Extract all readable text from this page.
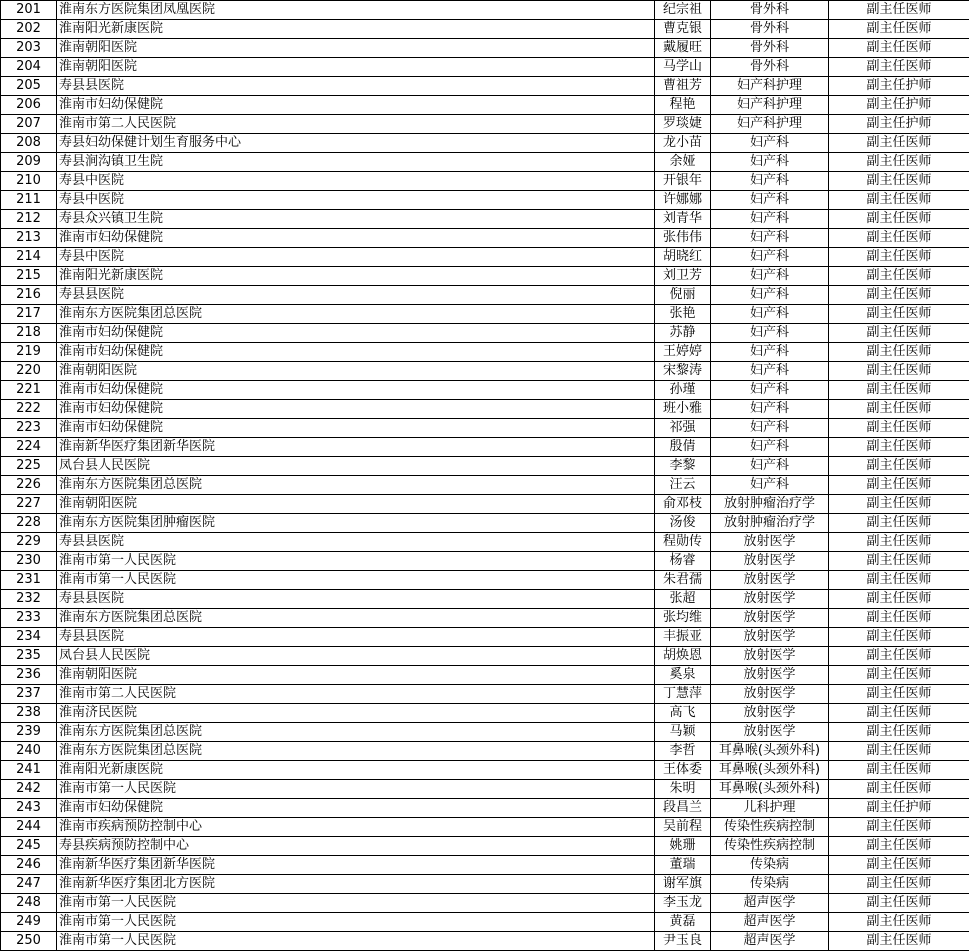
201	淮南东方医院集团凤凰医院	纪宗祖	骨外科	副主任医师
202	淮南阳光新康医院	曹克银	骨外科	副主任医师
203	淮南朝阳医院	戴履旺	骨外科	副主任医师
204	淮南朝阳医院	马学山	骨外科	副主任医师
205	寿县县医院	曹祖芳	妇产科护理	副主任护师
206	淮南市妇幼保健院	程艳	妇产科护理	副主任护师
207	淮南市第二人民医院	罗琰婕	妇产科护理	副主任护师
208	寿县妇幼保健计划生育服务中心	龙小苗	妇产科	副主任医师
209	寿县涧沟镇卫生院	余娅	妇产科	副主任医师
210	寿县中医院	开银年	妇产科	副主任医师
211	寿县中医院	许娜娜	妇产科	副主任医师
212	寿县众兴镇卫生院	刘青华	妇产科	副主任医师
213	淮南市妇幼保健院	张伟伟	妇产科	副主任医师
214	寿县中医院	胡晓红	妇产科	副主任医师
215	淮南阳光新康医院	刘卫芳	妇产科	副主任医师
216	寿县县医院	倪丽	妇产科	副主任医师
217	淮南东方医院集团总医院	张艳	妇产科	副主任医师
218	淮南市妇幼保健院	苏静	妇产科	副主任医师
219	淮南市妇幼保健院	王婷婷	妇产科	副主任医师
220	淮南朝阳医院	宋黎涛	妇产科	副主任医师
221	淮南市妇幼保健院	孙瑾	妇产科	副主任医师
222	淮南市妇幼保健院	班小雅	妇产科	副主任医师
223	淮南市妇幼保健院	祁强	妇产科	副主任医师
224	淮南新华医疗集团新华医院	殷倩	妇产科	副主任医师
225	凤台县人民医院	李黎	妇产科	副主任医师
226	淮南东方医院集团总医院	汪云	妇产科	副主任医师
227	淮南朝阳医院	俞邓枝	放射肿瘤治疗学	副主任医师
228	淮南东方医院集团肿瘤医院	汤俊	放射肿瘤治疗学	副主任医师
229	寿县县医院	程勋传	放射医学	副主任医师
230	淮南市第一人民医院	杨睿	放射医学	副主任医师
231	淮南市第一人民医院	朱君孺	放射医学	副主任医师
232	寿县县医院	张超	放射医学	副主任医师
233	淮南东方医院集团总医院	张均维	放射医学	副主任医师
234	寿县县医院	丰振亚	放射医学	副主任医师
235	凤台县人民医院	胡焕恩	放射医学	副主任医师
236	淮南朝阳医院	奚泉	放射医学	副主任医师
237	淮南市第二人民医院	丁慧萍	放射医学	副主任医师
238	淮南济民医院	高飞	放射医学	副主任医师
239	淮南东方医院集团总医院	马颖	放射医学	副主任医师
240	淮南东方医院集团总医院	李哲	耳鼻喉(头颈外科)	副主任医师
241	淮南阳光新康医院	王体委	耳鼻喉(头颈外科)	副主任医师
242	淮南市第一人民医院	朱明	耳鼻喉(头颈外科)	副主任医师
243	淮南市妇幼保健院	段昌兰	儿科护理	副主任护师
244	淮南市疾病预防控制中心	吴前程	传染性疾病控制	副主任医师
245	寿县疾病预防控制中心	姚珊	传染性疾病控制	副主任医师
246	淮南新华医疗集团新华医院	董瑞	传染病	副主任医师
247	淮南新华医疗集团北方医院	谢军旗	传染病	副主任医师
248	淮南市第一人民医院	李玉龙	超声医学	副主任医师
249	淮南市第一人民医院	黄磊	超声医学	副主任医师
250	淮南市第一人民医院	尹玉良	超声医学	副主任医师
